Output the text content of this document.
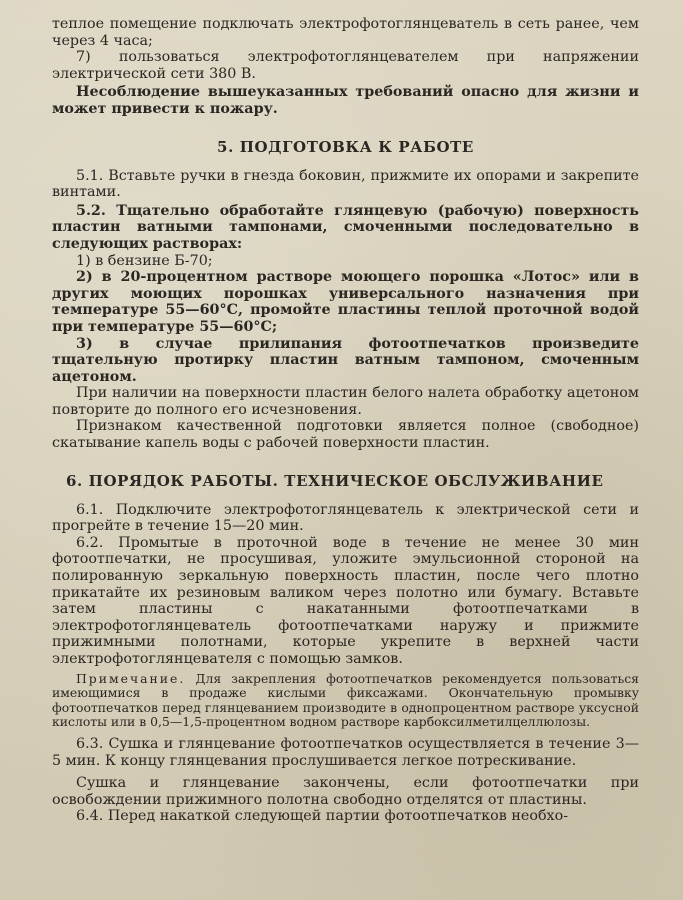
теплое помещение подключать электрофотоглянцеватель в сеть ранее, чем через 4 часа;

7) пользоваться электрофотоглянцевателем при напряжении электрической сети 380 В.

Несоблюдение вышеуказанных требований опасно для жизни и может привести к пожару.

5. ПОДГОТОВКА К РАБОТЕ

5.1. Вставьте ручки в гнезда боковин, прижмите их опорами и закрепите винтами.

5.2. Тщательно обработайте глянцевую (рабочую) поверхность пластин ватными тампонами, смоченными последовательно в следующих растворах:

1) в бензине Б-70;

2) в 20-процентном растворе моющего порошка «Лотос» или в других моющих порошках универсального назначения при температуре 55—60°С, промойте пластины теплой проточной водой при температуре 55—60°С;

3) в случае прилипания фотоотпечатков произведите тщательную протирку пластин ватным тампоном, смоченным ацетоном.

При наличии на поверхности пластин белого налета обработку ацетоном повторите до полного его исчезновения.

Признаком качественной подготовки является полное (свободное) скатывание капель воды с рабочей поверхности пластин.

6. ПОРЯДОК РАБОТЫ. ТЕХНИЧЕСКОЕ ОБСЛУЖИВАНИЕ

6.1. Подключите электрофотоглянцеватель к электрической сети и прогрейте в течение 15—20 мин.

6.2. Промытые в проточной воде в течение не менее 30 мин фотоотпечатки, не просушивая, уложите эмульсионной стороной на полированную зеркальную поверхность пластин, после чего плотно прикатайте их резиновым валиком через полотно или бумагу. Вставьте затем пластины с накатанными фотоотпечатками в электрофотоглянцеватель фотоотпечатками наружу и прижмите прижимными полотнами, которые укрепите в верхней части электрофотоглянцевателя с помощью замков.

Примечание. Для закрепления фотоотпечатков рекомендуется пользоваться имеющимися в продаже кислыми фиксажами. Окончательную промывку фотоотпечатков перед глянцеванием производите в однопроцентном растворе уксусной кислоты или в 0,5—1,5-процентном водном растворе карбоксилметилцеллюлозы.

6.3. Сушка и глянцевание фотоотпечатков осуществляется в течение 3—5 мин. К концу глянцевания прослушивается легкое потрескивание.

Сушка и глянцевание закончены, если фотоотпечатки при освобождении прижимного полотна свободно отделятся от пластины.

6.4. Перед накаткой следующей партии фотоотпечатков необхо-
